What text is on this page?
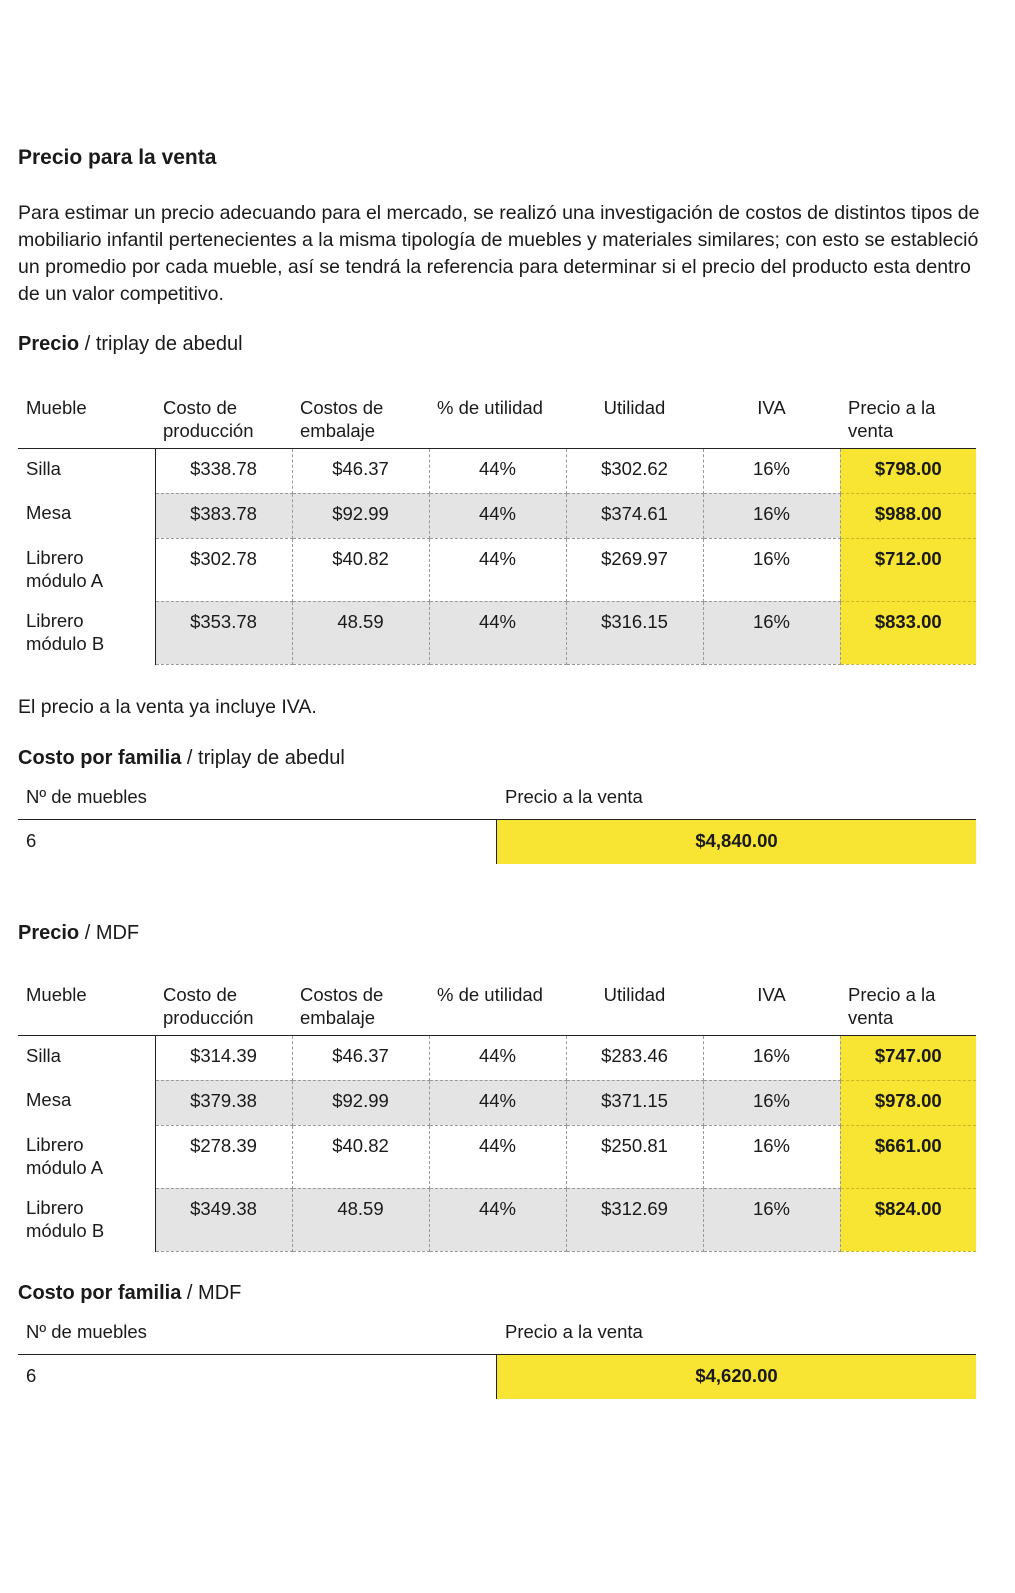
Precio para la venta

Para estimar un precio adecuando para el mercado, se realizó una investigación de costos de distintos tipos de mobiliario infantil pertenecientes a la misma tipología de muebles y materiales similares; con esto se estableció un promedio por cada mueble, así se tendrá la referencia para determinar si el precio del producto esta dentro de un valor competitivo.

Precio / triplay de abedul
Mueble	Costo de producción	Costos de embalaje	% de utilidad	Utilidad	IVA	Precio a la venta
Silla	$338.78	$46.37	44%	$302.62	16%	$798.00
Mesa	$383.78	$92.99	44%	$374.61	16%	$988.00
Librero módulo A	$302.78	$40.82	44%	$269.97	16%	$712.00
Librero módulo B	$353.78	48.59	44%	$316.15	16%	$833.00
El precio a la venta ya incluye IVA.
Costo por familia / triplay de abedul
Nº de muebles	Precio a la venta
6	$4,840.00
Precio / MDF
Mueble	Costo de producción	Costos de embalaje	% de utilidad	Utilidad	IVA	Precio a la venta
Silla	$314.39	$46.37	44%	$283.46	16%	$747.00
Mesa	$379.38	$92.99	44%	$371.15	16%	$978.00
Librero módulo A	$278.39	$40.82	44%	$250.81	16%	$661.00
Librero módulo B	$349.38	48.59	44%	$312.69	16%	$824.00
Costo por familia / MDF
Nº de muebles	Precio a la venta
6	$4,620.00
